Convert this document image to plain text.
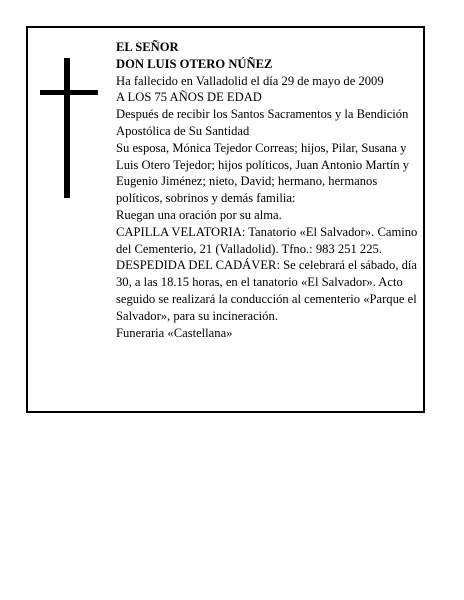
EL SEÑOR

DON LUIS OTERO NÚÑEZ

Ha fallecido en Valladolid el día 29 de mayo de 2009

A LOS 75 AÑOS DE EDAD

Después de recibir los Santos Sacramentos y la Bendición Apostólica de Su Santidad

Su esposa, Mónica Tejedor Correas; hijos, Pilar, Susana y Luis Otero Tejedor; hijos políticos, Juan Antonio Martín y Eugenio Jiménez; nieto, David; hermano, hermanos políticos, sobrinos y demás familia:

Ruegan una oración por su alma.

CAPILLA VELATORIA: Tanatorio «El Salvador». Camino del Cementerio, 21 (Valladolid). Tfno.: 983 251 225.

DESPEDIDA DEL CADÁVER: Se celebrará el sábado, día 30, a las 18.15 horas, en el tanatorio «El Salvador». Acto seguido se realizará la conducción al cementerio «Parque el Salvador», para su incineración.

Funeraria «Castellana»
